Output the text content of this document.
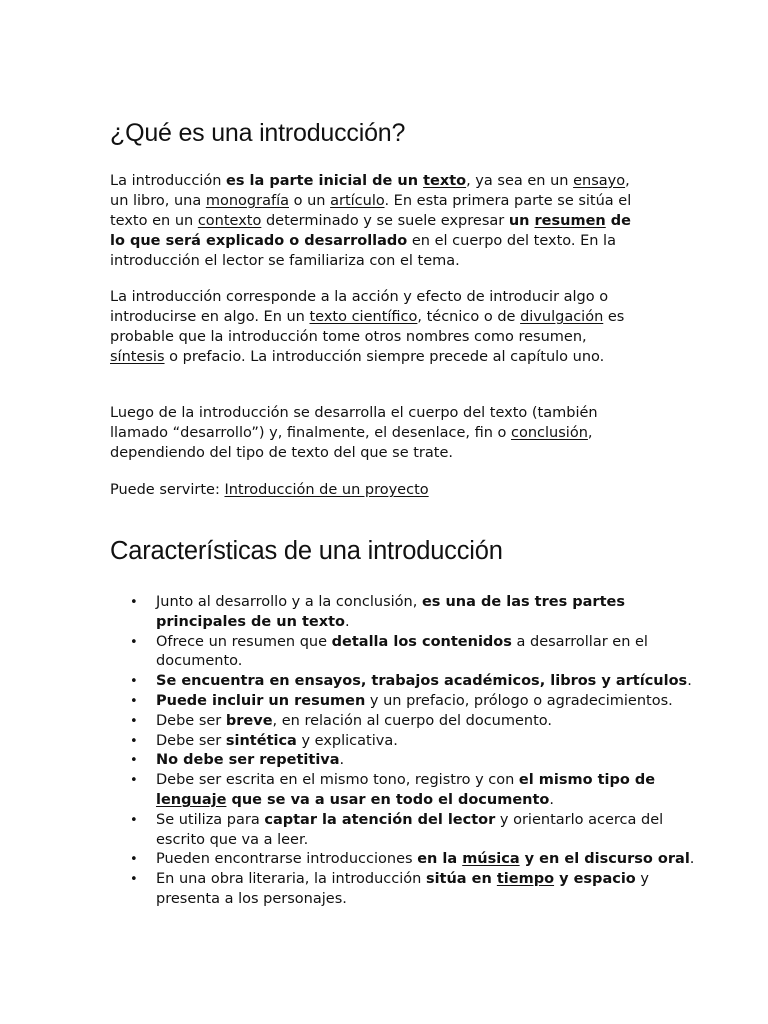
¿Qué es una introducción?

La introducción es la parte inicial de un texto, ya sea en un ensayo, un libro, una monografía o un artículo. En esta primera parte se sitúa el texto en un contexto determinado y se suele expresar un resumen de lo que será explicado o desarrollado en el cuerpo del texto. En la introducción el lector se familiariza con el tema.

La introducción corresponde a la acción y efecto de introducir algo o introducirse en algo. En un texto científico, técnico o de divulgación es probable que la introducción tome otros nombres como resumen, síntesis o prefacio. La introducción siempre precede al capítulo uno.

Luego de la introducción se desarrolla el cuerpo del texto (también llamado “desarrollo”) y, finalmente, el desenlace, fin o conclusión, dependiendo del tipo de texto del que se trate.

Puede servirte: Introducción de un proyecto

Características de una introducción
• Junto al desarrollo y a la conclusión, es una de las tres partes principales de un texto.
• Ofrece un resumen que detalla los contenidos a desarrollar en el documento.
• Se encuentra en ensayos, trabajos académicos, libros y artículos.
• Puede incluir un resumen y un prefacio, prólogo o agradecimientos.
• Debe ser breve, en relación al cuerpo del documento.
• Debe ser sintética y explicativa.
• No debe ser repetitiva.
• Debe ser escrita en el mismo tono, registro y con el mismo tipo de lenguaje que se va a usar en todo el documento.
• Se utiliza para captar la atención del lector y orientarlo acerca del escrito que va a leer.
• Pueden encontrarse introducciones en la música y en el discurso oral.
• En una obra literaria, la introducción sitúa en tiempo y espacio y presenta a los personajes.
